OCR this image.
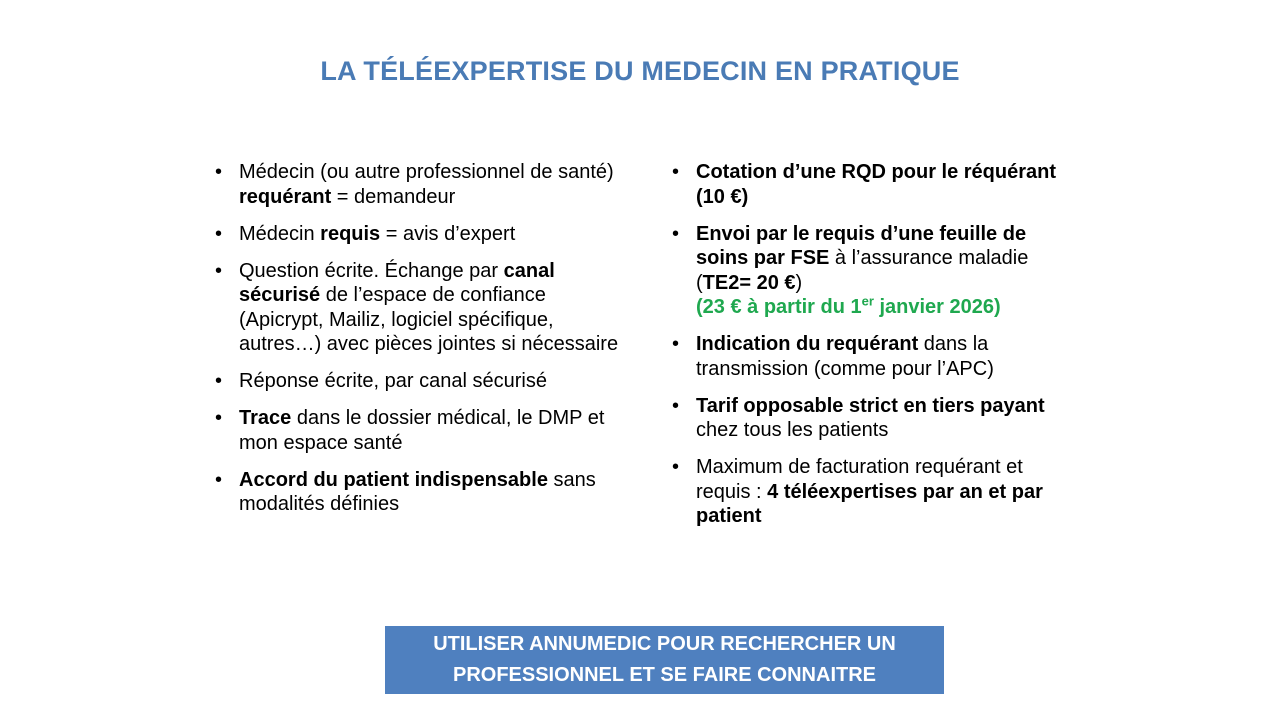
LA TÉLÉEXPERTISE DU MEDECIN EN PRATIQUE
• Médecin (ou autre professionnel de santé) requérant = demandeur
• Médecin requis = avis d’expert
• Question écrite. Échange par canal sécurisé de l’espace de confiance (Apicrypt, Mailiz, logiciel spécifique, autres…) avec pièces jointes si nécessaire
• Réponse écrite, par canal sécurisé
• Trace dans le dossier médical, le DMP et mon espace santé
• Accord du patient indispensable sans modalités définies
• Cotation d’une RQD pour le réquérant (10 €)
• Envoi par le requis d’une feuille de soins par FSE à l’assurance maladie (TE2= 20 €)
(23 € à partir du 1er janvier 2026)
• Indication du requérant dans la transmission (comme pour l’APC)
• Tarif opposable strict en tiers payant chez tous les patients
• Maximum de facturation requérant et requis : 4 téléexpertises par an et par patient
UTILISER ANNUMEDIC POUR RECHERCHER UN PROFESSIONNEL ET SE FAIRE CONNAITRE
